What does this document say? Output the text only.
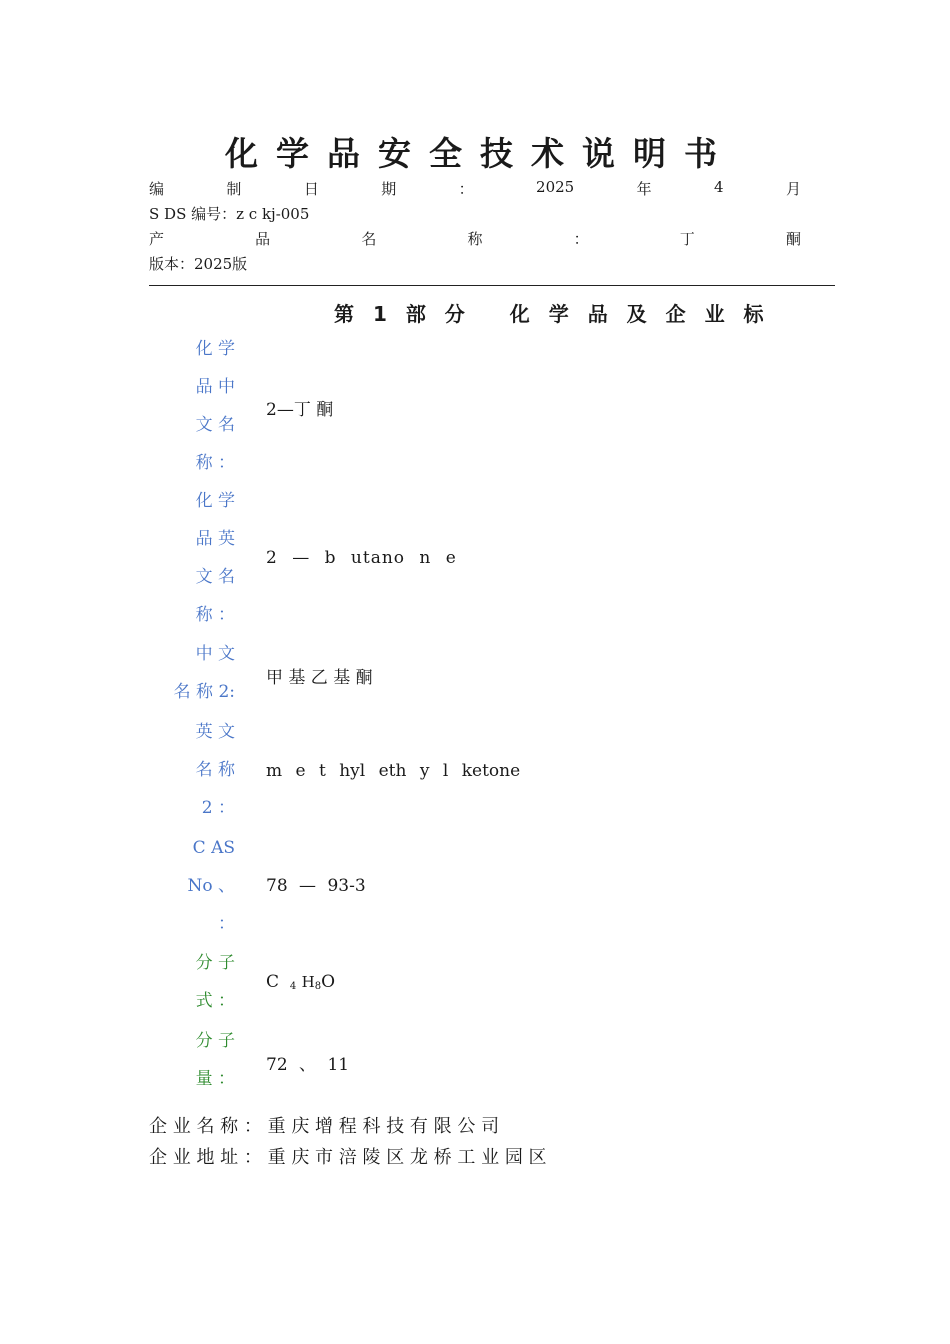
化学品安全技术说明书
编	制	日	期	：	2025	年	4	月
S DS 编号：z c kj-005
产	品	名	称	：	丁	酮
版本：2025版
第 1 部 分　 化 学 品 及 企 业 标
化 学
品 中
文 名
称 ：
2—丁 酮
化 学
品 英
文 名
称 ：
2 — b utano n e
中 文
名 称 2:
甲 基 乙 基 酮
英 文
名 称
2 ：
m e t hyl eth y l ketone
C AS
No 、
：
78 — 93-3
分 子
式 ：
C $_4$ $H_8O$
分 子
量 ：
72 、 11
企 业 名 称 ： 重 庆 增 程 科 技 有 限 公 司
企 业 地 址 ： 重 庆 市 涪 陵 区 龙 桥 工 业 园 区
